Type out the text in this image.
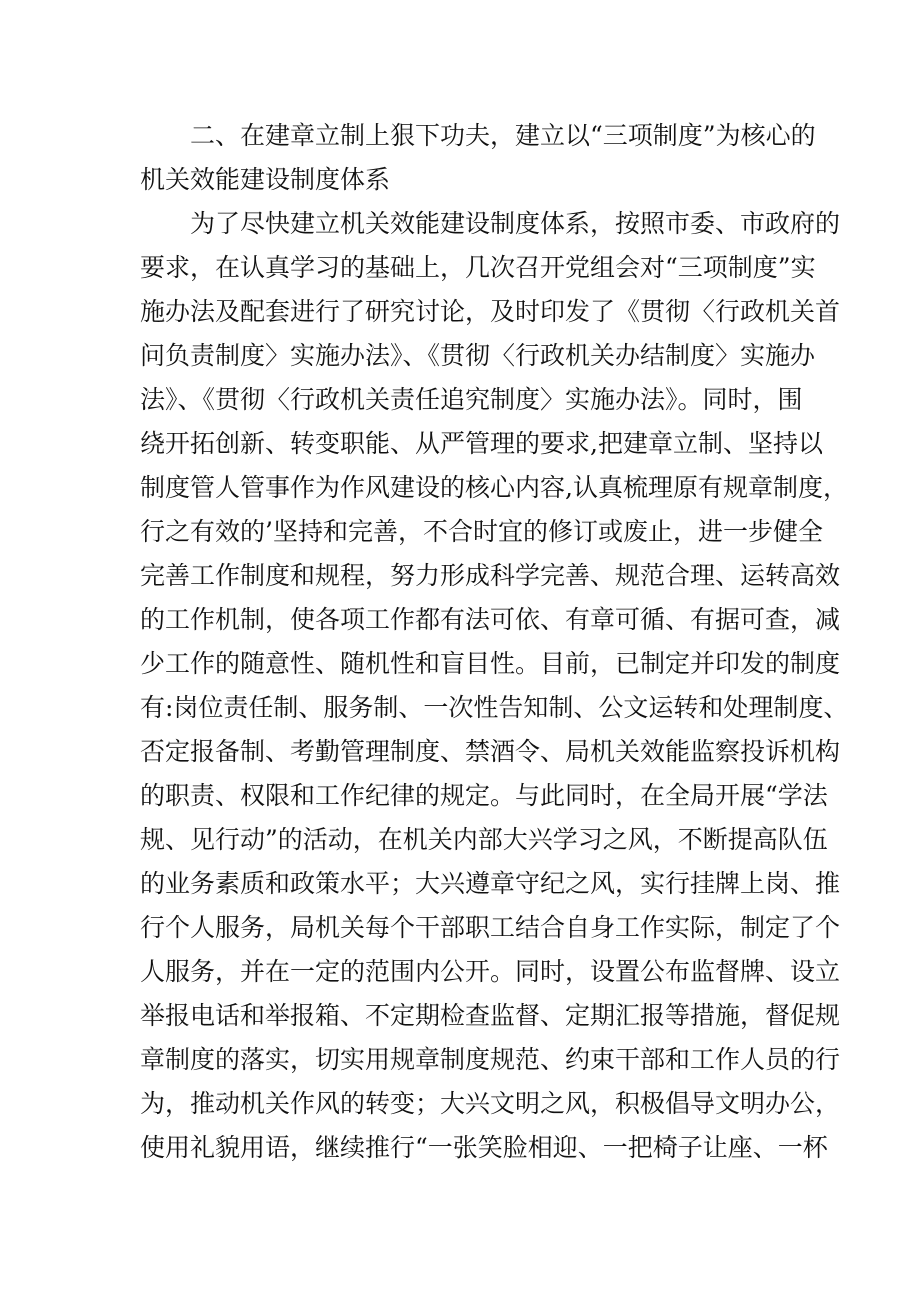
二、在建章立制上狠下功夫，建立以“三项制度”为核心的
机关效能建设制度体系
为了尽快建立机关效能建设制度体系，按照市委、市政府的
要求，在认真学习的基础上，几次召开党组会对“三项制度”实
施办法及配套进行了研究讨论，及时印发了《贯彻〈行政机关首
问负责制度〉实施办法》、《贯彻〈行政机关办结制度〉实施办
法》、《贯彻〈行政机关责任追究制度〉实施办法》。同时，围
绕开拓创新、转变职能、从严管理的要求,把建章立制、坚持以
制度管人管事作为作风建设的核心内容,认真梳理原有规章制度，
行之有效的’坚持和完善，不合时宜的修订或废止，进一步健全
完善工作制度和规程，努力形成科学完善、规范合理、运转高效
的工作机制，使各项工作都有法可依、有章可循、有据可查，减
少工作的随意性、随机性和盲目性。目前，已制定并印发的制度
有:岗位责任制、服务制、一次性告知制、公文运转和处理制度、
否定报备制、考勤管理制度、禁酒令、局机关效能监察投诉机构
的职责、权限和工作纪律的规定。与此同时，在全局开展“学法
规、见行动”的活动，在机关内部大兴学习之风，不断提高队伍
的业务素质和政策水平；大兴遵章守纪之风，实行挂牌上岗、推
行个人服务，局机关每个干部职工结合自身工作实际，制定了个
人服务，并在一定的范围内公开。同时，设置公布监督牌、设立
举报电话和举报箱、不定期检查监督、定期汇报等措施，督促规
章制度的落实，切实用规章制度规范、约束干部和工作人员的行
为，推动机关作风的转变；大兴文明之风，积极倡导文明办公，
使用礼貌用语，继续推行“一张笑脸相迎、一把椅子让座、一杯
